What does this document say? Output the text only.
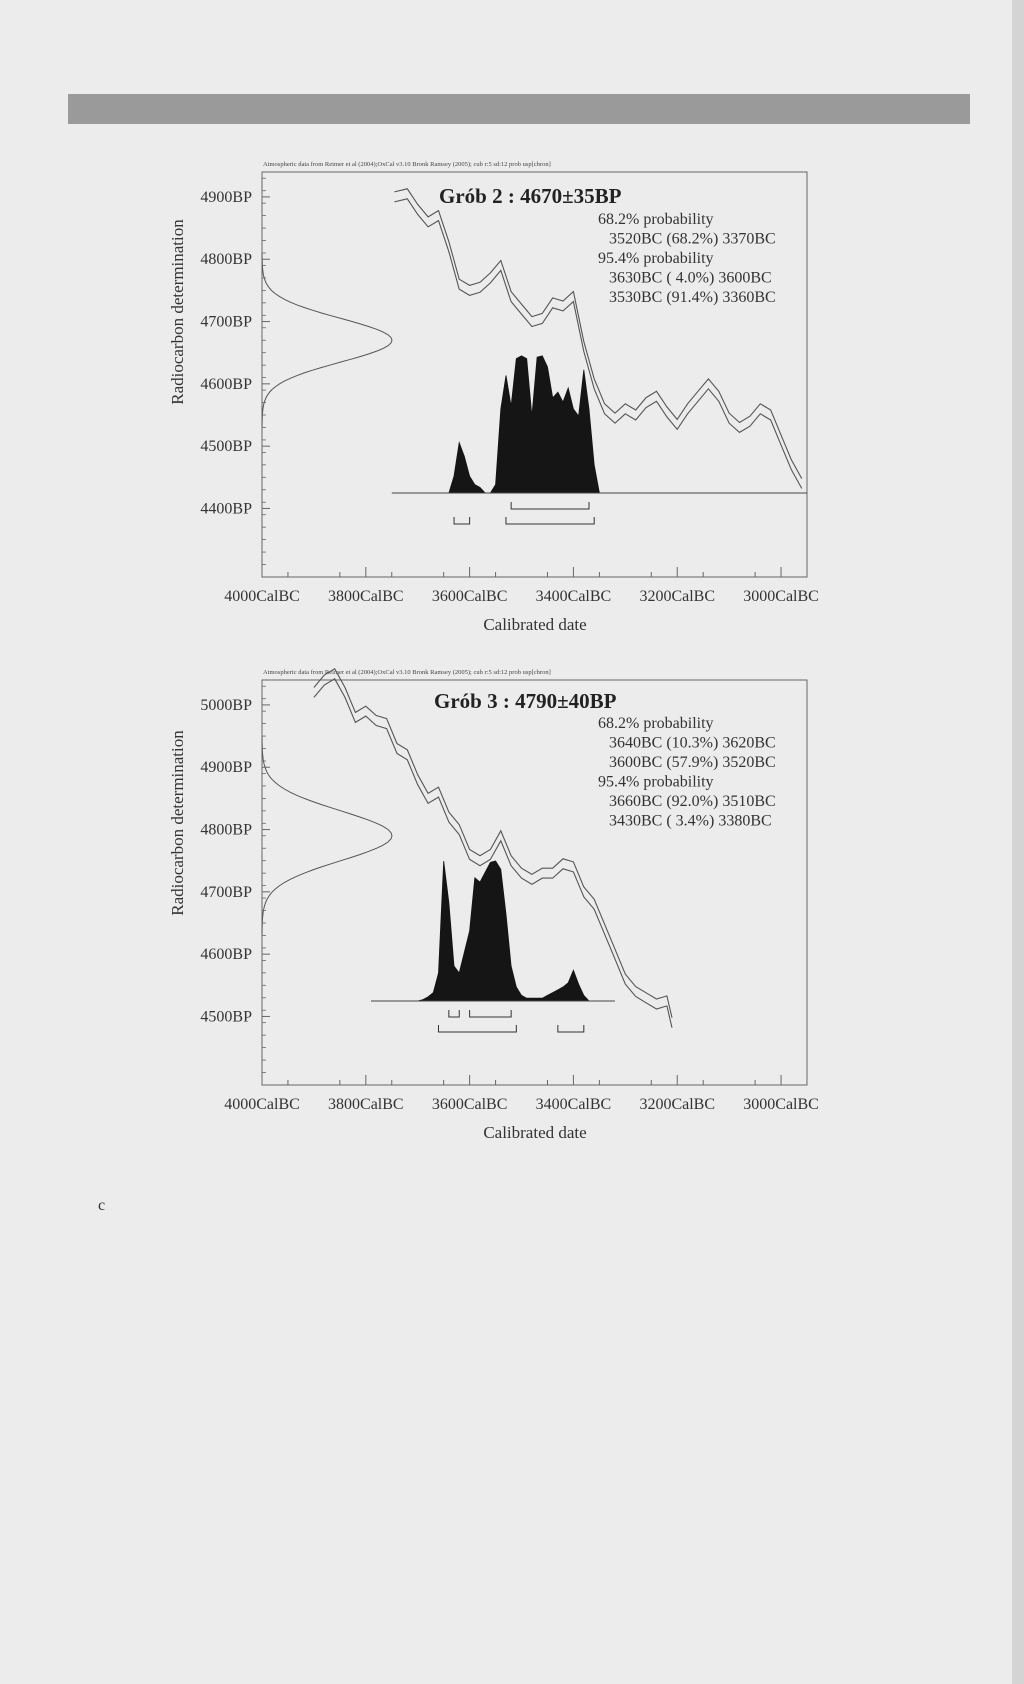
Atmospheric data from Reimer et al (2004);OxCal v3.10 Bronk Ramsey (2005); cub r:5 sd:12 prob usp[chron]
4000CalBC 3800CalBC 3600CalBC 3400CalBC 3200CalBC 3000CalBC
4900BP
4800BP
4700BP
4600BP
4500BP
4400BP
Grób 2 : 4670±35BP
68.2% probability
3520BC (68.2%) 3370BC
95.4% probability
3630BC ( 4.0%) 3600BC
3530BC (91.4%) 3360BC
Calibrated date
Radiocarbon determination
Atmospheric data from Reimer et al (2004);OxCal v3.10 Bronk Ramsey (2005); cub r:5 sd:12 prob usp[chron]
4000CalBC 3800CalBC 3600CalBC 3400CalBC 3200CalBC 3000CalBC
5000BP
4900BP
4800BP
4700BP
4600BP
4500BP
Grób 3 : 4790±40BP
68.2% probability
3640BC (10.3%) 3620BC
3600BC (57.9%) 3520BC
95.4% probability
3660BC (92.0%) 3510BC
3430BC ( 3.4%) 3380BC
Calibrated date
Radiocarbon determination
c
